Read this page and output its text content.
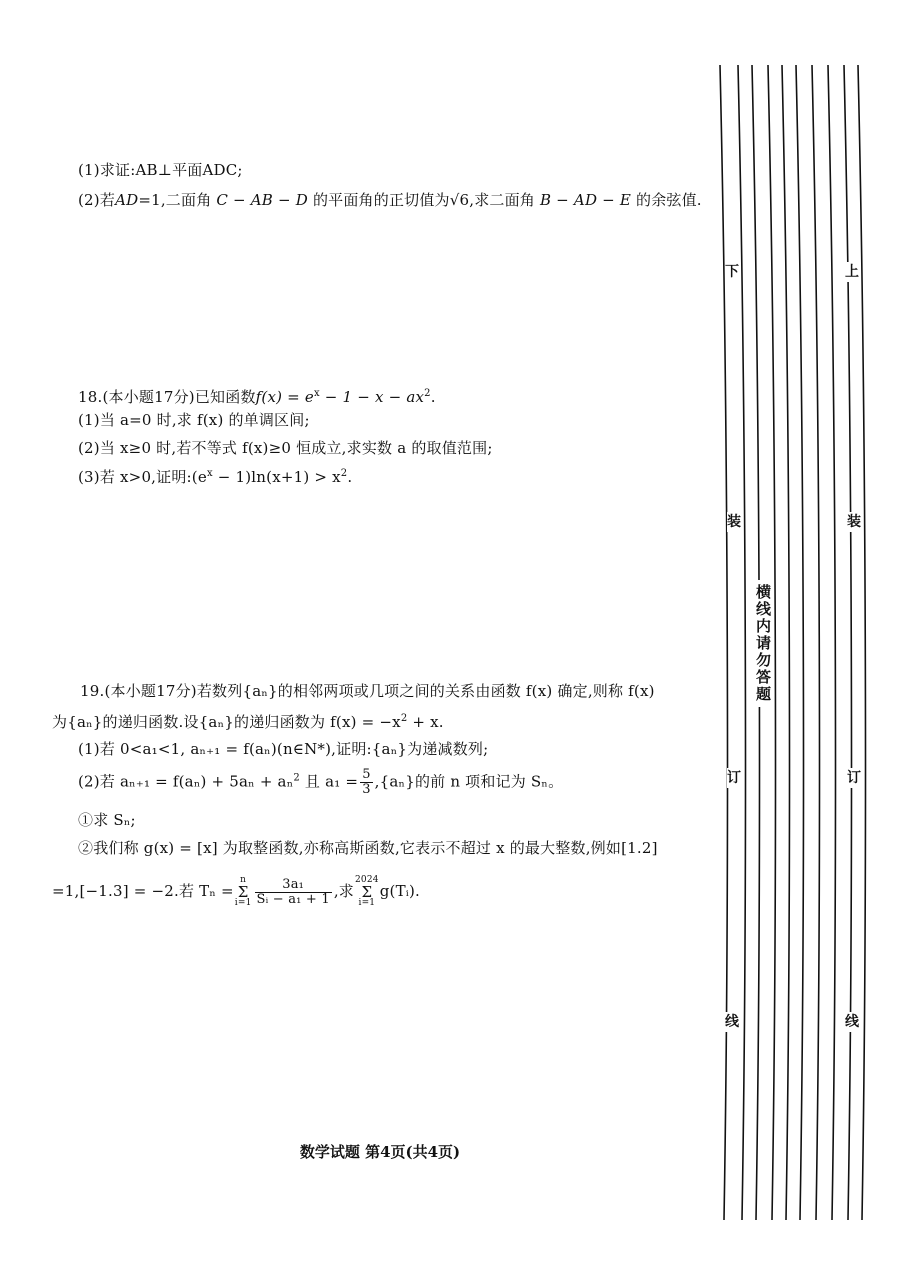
(1)求证:AB⊥平面ADC;
(2)若AD=1,二面角 C − AB − D 的平面角的正切值为√6,求二面角 B − AD − E 的余弦值.
18.(本小题17分)已知函数$f(x) = e^x - 1 - x - ax^2$.
(1)当 a=0 时,求 f(x) 的单调区间;
(2)当 x≥0 时,若不等式 f(x)≥0 恒成立,求实数 a 的取值范围;
(3)若 x>0,证明$:(e^x - 1)\ln(x+1) > x^2$.
19.(本小题17分)若数列{aₙ}的相邻两项或几项之间的关系由函数 f(x) 确定,则称 f(x)
为{aₙ}的递归函数.设{aₙ}的递归函数为 $f(x) = -x^2 + x$.
(1)若 0<a₁<1, aₙ₊₁ = f(aₙ)(n∈N*),证明:{aₙ}为递减数列;
(2)若 aₙ₊₁ = f(aₙ) + 5aₙ + aₙ$^2$ 且 $a_1 = \frac{5}{3} ,\{a_n\}$的前 n 项和记为 Sₙ。
①求 Sₙ;
②我们称 g(x) = [x] 为取整函数,亦称高斯函数,它表示不超过 x 的最大整数,例如[1.2]
=1,[−1.3] = −2.若 Tₙ =n
Σ
$i=1 \frac{\text{3a₁}}{\text{Sᵢ − a₁ + 1}}$ ,求2024
Σ
i=1g(Tᵢ).
数学试题 第4页(共4页)
下
装
订
线
上
装
订
线
横线内请勿答题
